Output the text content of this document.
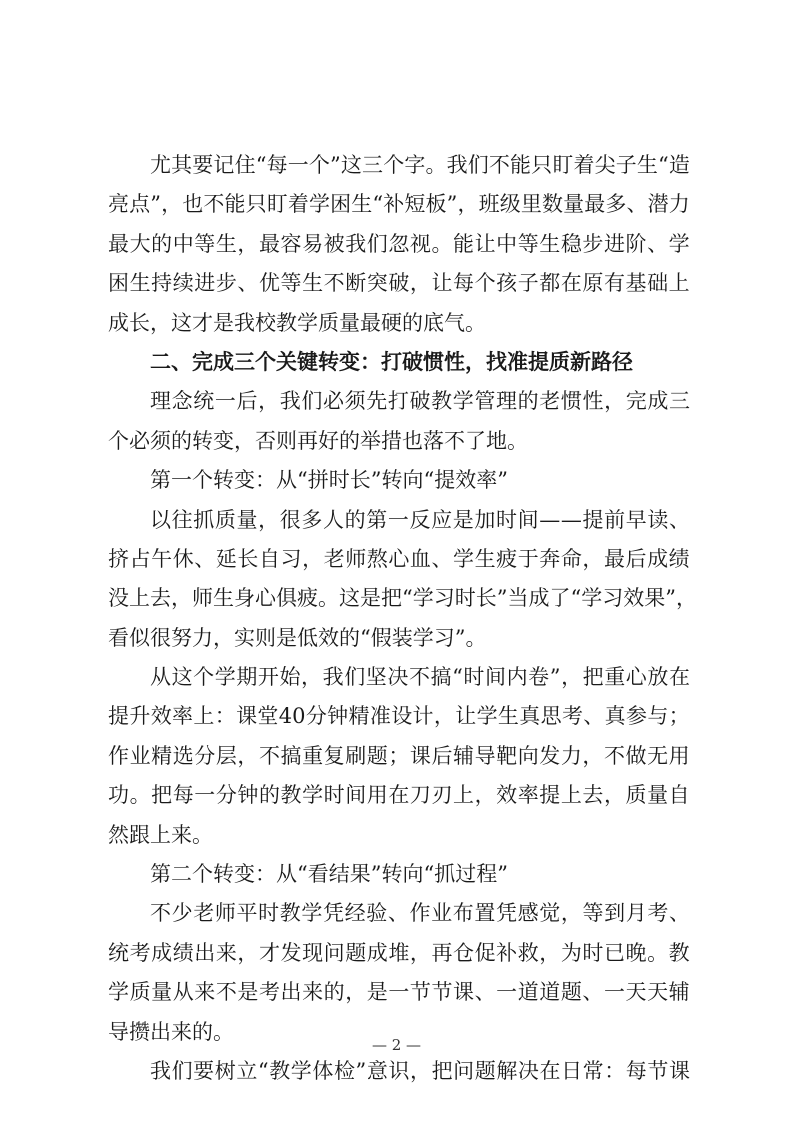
尤 其 要 记 住 “ 每 一 个 ” 这 三 个 字 。 我 们 不 能 只 盯 着 尖 子 生 “ 造
亮 点 ” ， 也 不 能 只 盯 着 学 困 生 “ 补 短 板 ” ， 班 级 里 数 量 最 多 、 潜 力
最 大 的 中 等 生 ， 最 容 易 被 我 们 忽 视 。 能 让 中 等 生 稳 步 进 阶 、 学
困 生 持 续 进 步 、 优 等 生 不 断 突 破 ， 让 每 个 孩 子 都 在 原 有 基 础 上
成长，这才是我校教学质量最硬的底气。
二、完成三个关键转变：打破惯性，找准提质新路径
理 念 统 一 后 ， 我 们 必 须 先 打 破 教 学 管 理 的 老 惯 性 ， 完 成 三
个必须的转变，否则再好的举措也落不了地。
第一个转变：从“拼时长”转向“提效率”
以 往 抓 质 量 ， 很 多 人 的 第 一 反 应 是 加 时 间 — — 提 前 早 读 、
挤 占 午 休 、 延 长 自 习 ， 老 师 熬 心 血 、 学 生 疲 于 奔 命 ， 最 后 成 绩
没 上 去 ， 师 生 身 心 俱 疲 。 这 是 把 “ 学 习 时 长 ” 当 成 了 “ 学 习 效 果 ” ，
看似很努力，实则是低效的“假装学习”。
从 这 个 学 期 开 始 ， 我 们 坚 决 不 搞 “ 时 间 内 卷 ” ， 把 重 心 放 在
提 升 效 率 上 ： 课 堂 40 分 钟 精 准 设 计 ， 让 学 生 真 思 考 、 真 参 与 ；
作 业 精 选 分 层 ， 不 搞 重 复 刷 题 ； 课 后 辅 导 靶 向 发 力 ， 不 做 无 用
功 。 把 每 一 分 钟 的 教 学 时 间 用 在 刀 刃 上 ， 效 率 提 上 去 ， 质 量 自
然跟上来。
第二个转变：从“看结果”转向“抓过程”
不 少 老 师 平 时 教 学 凭 经 验 、 作 业 布 置 凭 感 觉 ， 等 到 月 考 、
统 考 成 绩 出 来 ， 才 发 现 问 题 成 堆 ， 再 仓 促 补 救 ， 为 时 已 晚 。 教
学 质 量 从 来 不 是 考 出 来 的 ， 是 一 节 节 课 、 一 道 道 题 、 一 天 天 辅
导攒出来的。
我 们 要 树 立 “ 教 学 体 检 ” 意 识 ， 把 问 题 解 决 在 日 常 ： 每 节 课
— 2 —
